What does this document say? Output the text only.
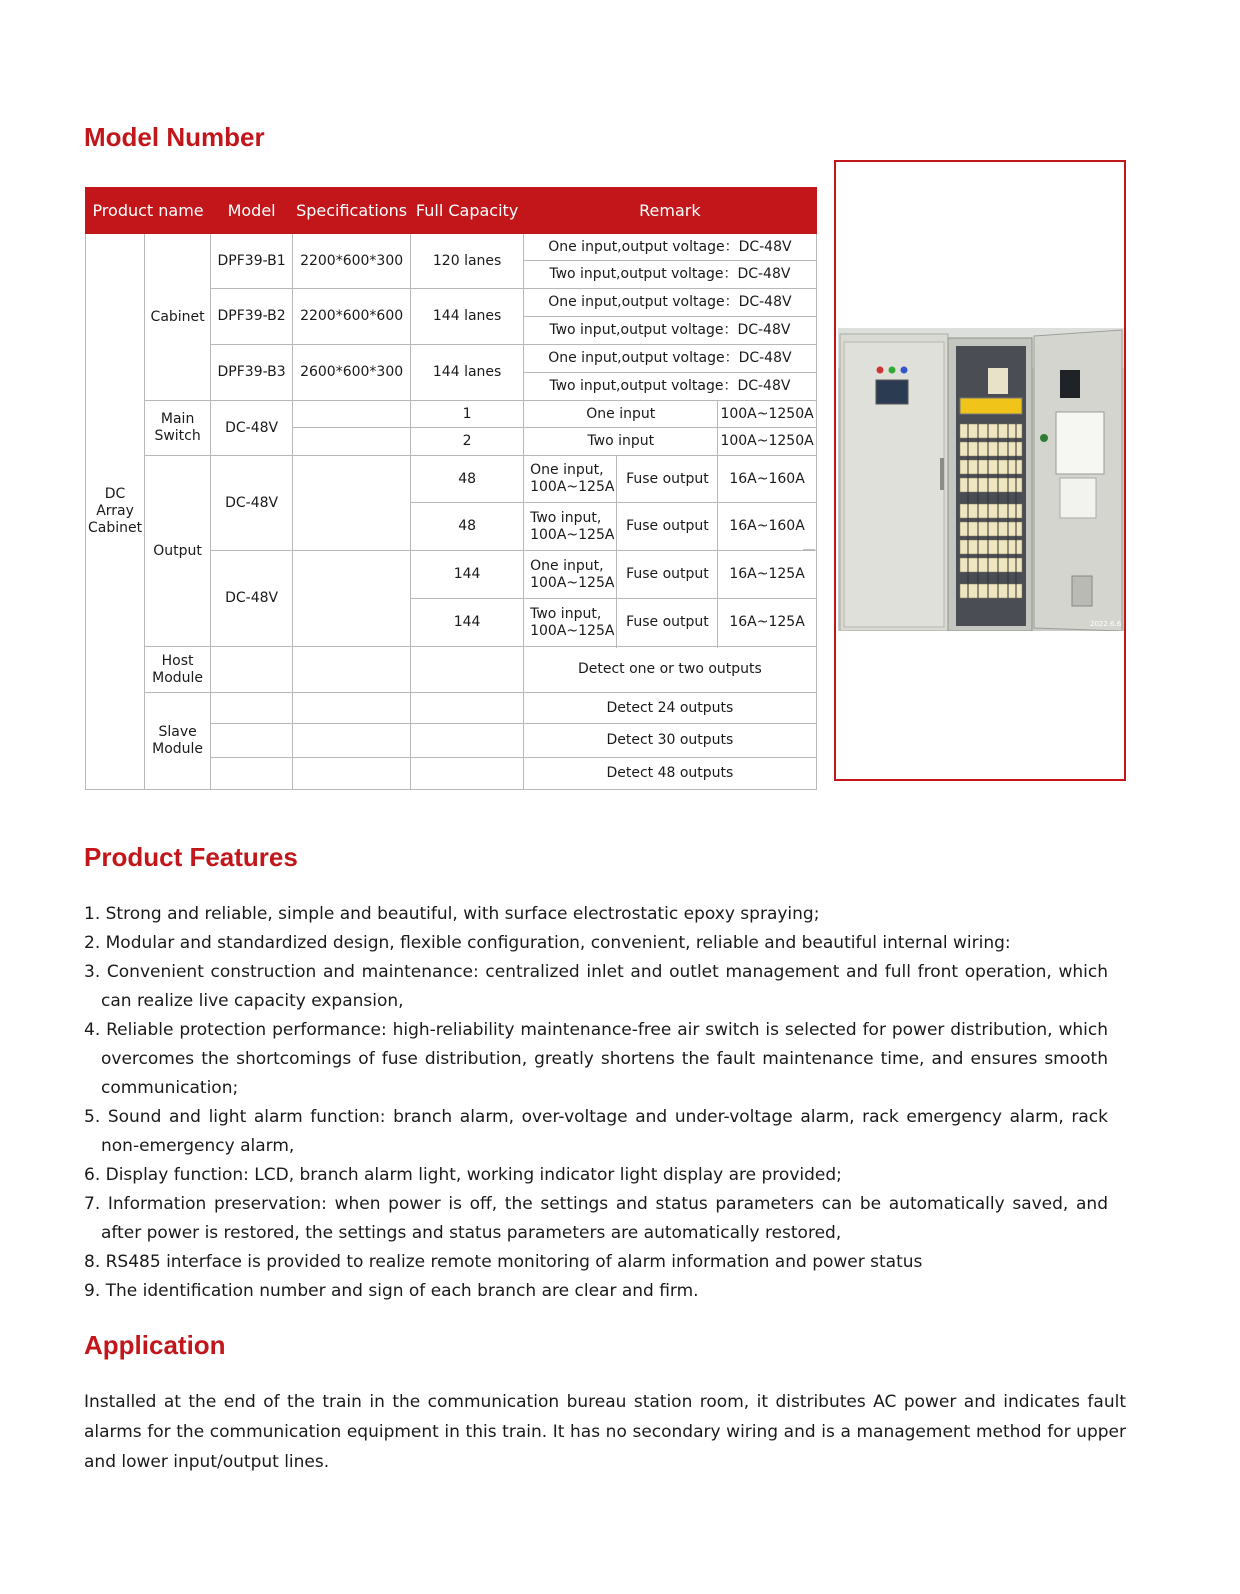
Model Number
Product name		Model	Specifications	Full Capacity	Remark		
DC Array Cabinet	Cabinet	DPF39-B1	2200*600*300	120 lanes	One input,output voltage：DC-48V		
					Two input,output voltage：DC-48V		
		DPF39-B2	2200*600*600	144 lanes	One input,output voltage：DC-48V		
					Two input,output voltage：DC-48V		
		DPF39-B3	2600*600*300	144 lanes	One input,output voltage：DC-48V		
					Two input,output voltage：DC-48V		
	Main Switch	DC-48V		1	One input		100A~1250A
				2	Two input		100A~1250A
	Output	DC-48V		48	One input, 100A~125A	Fuse output	16A~160A

				48	Two input, 100A~125A	Fuse output	16A~160A

		DC-48V		144	One input, 100A~125A	Fuse output	16A~125A

				144	Two input, 100A~125A	Fuse output	16A~125A

	Host Module				Detect one or two outputs		
	Slave Module				Detect 24 outputs		
					Detect 30 outputs		
					Detect 48 outputs		
2022.6.6
Product Features
1. Strong and reliable, simple and beautiful, with surface electrostatic epoxy spraying;
2. Modular and standardized design, flexible configuration, convenient, reliable and beautiful internal wiring:
3. Convenient construction and maintenance: centralized inlet and outlet management and full front operation, which can realize live capacity expansion,
4. Reliable protection performance: high-reliability maintenance-free air switch is selected for power distribution, which overcomes the shortcomings of fuse distribution, greatly shortens the fault maintenance time, and ensures smooth communication;
5. Sound and light alarm function: branch alarm, over-voltage and under-voltage alarm, rack emergency alarm, rack non-emergency alarm,
6. Display function: LCD, branch alarm light, working indicator light display are provided;
7. Information preservation: when power is off, the settings and status parameters can be automatically saved, and after power is restored, the settings and status parameters are automatically restored,
8. RS485 interface is provided to realize remote monitoring of alarm information and power status
9. The identification number and sign of each branch are clear and firm.
Application

Installed at the end of the train in the communication bureau station room, it distributes AC power and indicates fault alarms for the communication equipment in this train. It has no secondary wiring and is a management method for upper and lower input/output lines.
